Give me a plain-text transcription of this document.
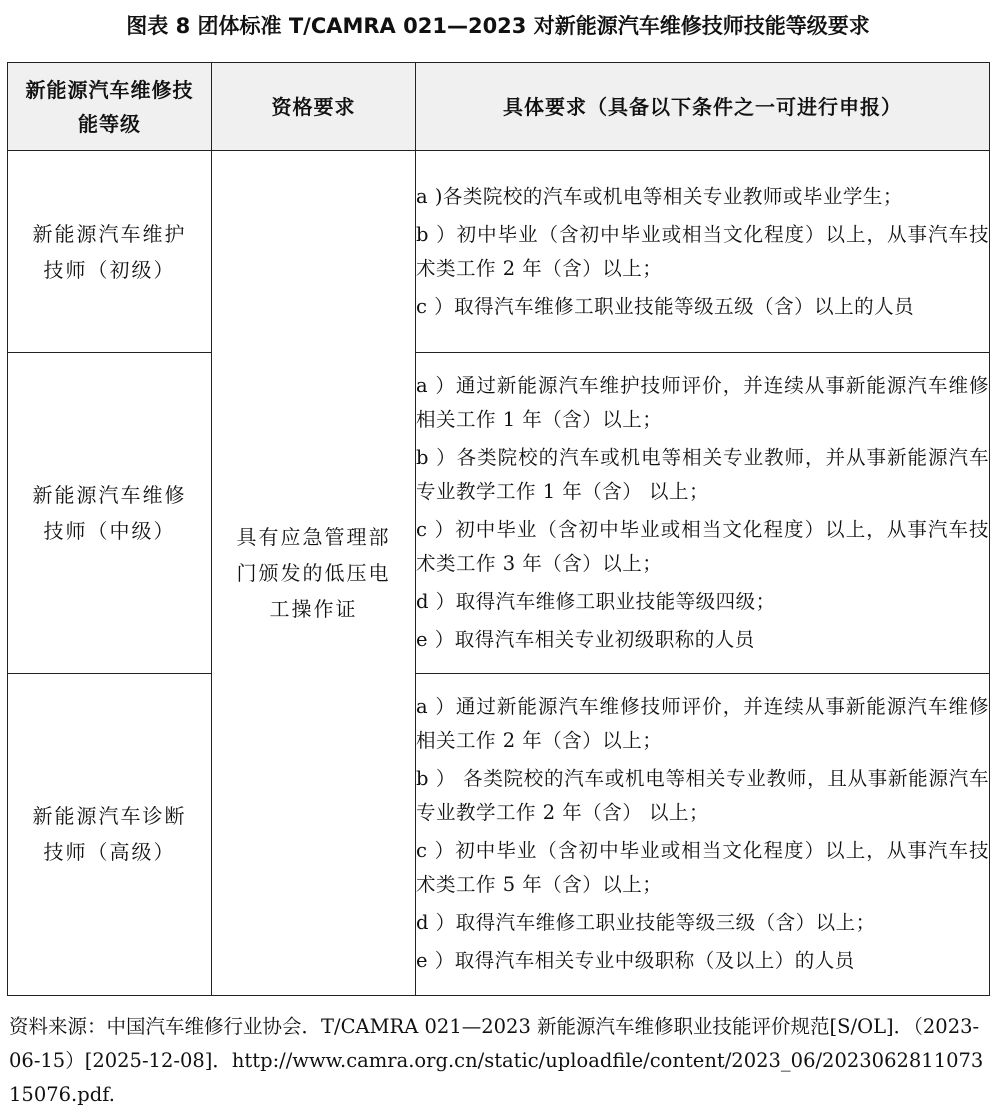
图表 8 团体标准 T/CAMRA 021—2023 对新能源汽车维修技师技能等级要求
新能源汽车维修技能等级	资格要求	具体要求（具备以下条件之一可进行申报）

新能源汽车维护技师（初级）	具有应急管理部门颁发的低压电工操作证	a )各类院校的汽车或机电等相关专业教师或毕业学生；
b ）初中毕业（含初中毕业或相当文化程度）以上，从事汽车技术类工作 2 年（含）以上；
c ）取得汽车维修工职业技能等级五级（含）以上的人员

新能源汽车维修技师（中级）		a ）通过新能源汽车维护技师评价，并连续从事新能源汽车维修相关工作 1 年（含）以上；
b ）各类院校的汽车或机电等相关专业教师，并从事新能源汽车专业教学工作 1 年（含） 以上；
c ）初中毕业（含初中毕业或相当文化程度）以上，从事汽车技术类工作 3 年（含）以上；
d ）取得汽车维修工职业技能等级四级；
e ）取得汽车相关专业初级职称的人员

新能源汽车诊断技师（高级）		a ）通过新能源汽车维修技师评价，并连续从事新能源汽车维修相关工作 2 年（含）以上；
b ） 各类院校的汽车或机电等相关专业教师，且从事新能源汽车专业教学工作 2 年（含） 以上；
c ）初中毕业（含初中毕业或相当文化程度）以上，从事汽车技术类工作 5 年（含）以上；
d ）取得汽车维修工职业技能等级三级（含）以上；
e ）取得汽车相关专业中级职称（及以上）的人员
资料来源：中国汽车维修行业协会．T/CAMRA 021—2023 新能源汽车维修职业技能评价规范[S/OL]．（2023-06-15）[2025-12-08]．http://www.camra.org.cn/static/uploadfile/content/2023_06/202306281107315076.pdf.
